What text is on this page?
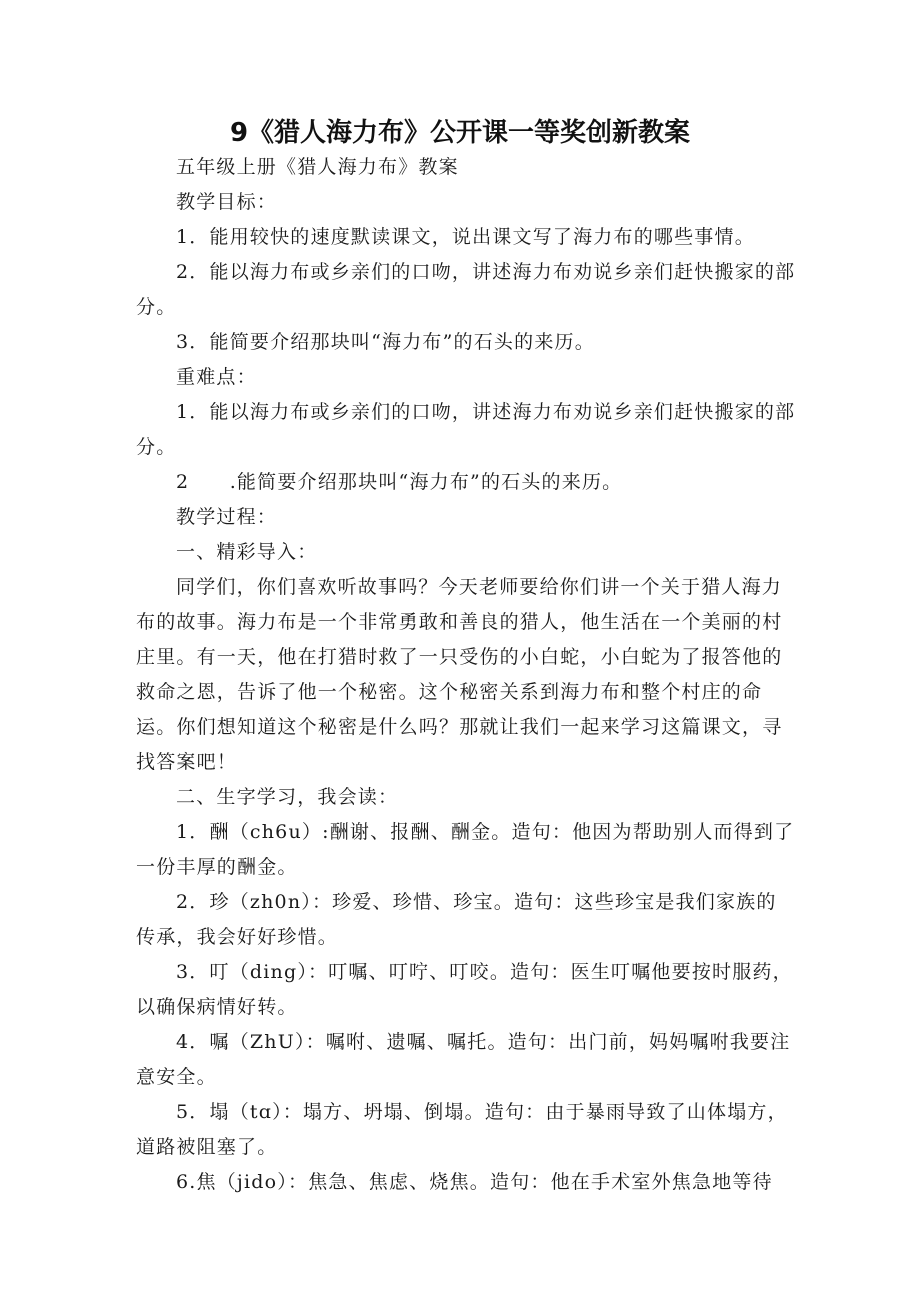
9《猎人海力布》公开课一等奖创新教案

五年级上册《猎人海力布》教案

教学目标：

1．能用较快的速度默读课文，说出课文写了海力布的哪些事情。

2．能以海力布或乡亲们的口吻，讲述海力布劝说乡亲们赶快搬家的部分。

3．能简要介绍那块叫“海力布”的石头的来历。

重难点：

1．能以海力布或乡亲们的口吻，讲述海力布劝说乡亲们赶快搬家的部分。

2　　.能简要介绍那块叫“海力布”的石头的来历。

教学过程：

一、精彩导入：

同学们，你们喜欢听故事吗？今天老师要给你们讲一个关于猎人海力布的故事。海力布是一个非常勇敢和善良的猎人，他生活在一个美丽的村庄里。有一天，他在打猎时救了一只受伤的小白蛇，小白蛇为了报答他的救命之恩，告诉了他一个秘密。这个秘密关系到海力布和整个村庄的命运。你们想知道这个秘密是什么吗？那就让我们一起来学习这篇课文，寻找答案吧！

二、生字学习，我会读：

1．酬（ch6u）:酬谢、报酬、酬金。造句：他因为帮助别人而得到了一份丰厚的酬金。

2．珍（zh0n）：珍爱、珍惜、珍宝。造句：这些珍宝是我们家族的传承，我会好好珍惜。

3．叮（ding）：叮嘱、叮咛、叮咬。造句：医生叮嘱他要按时服药，以确保病情好转。

4．嘱（ZhU）：嘱咐、遗嘱、嘱托。造句：出门前，妈妈嘱咐我要注意安全。

5．塌（tɑ）：塌方、坍塌、倒塌。造句：由于暴雨导致了山体塌方，道路被阻塞了。

6.焦（jido）：焦急、焦虑、烧焦。造句：他在手术室外焦急地等待
